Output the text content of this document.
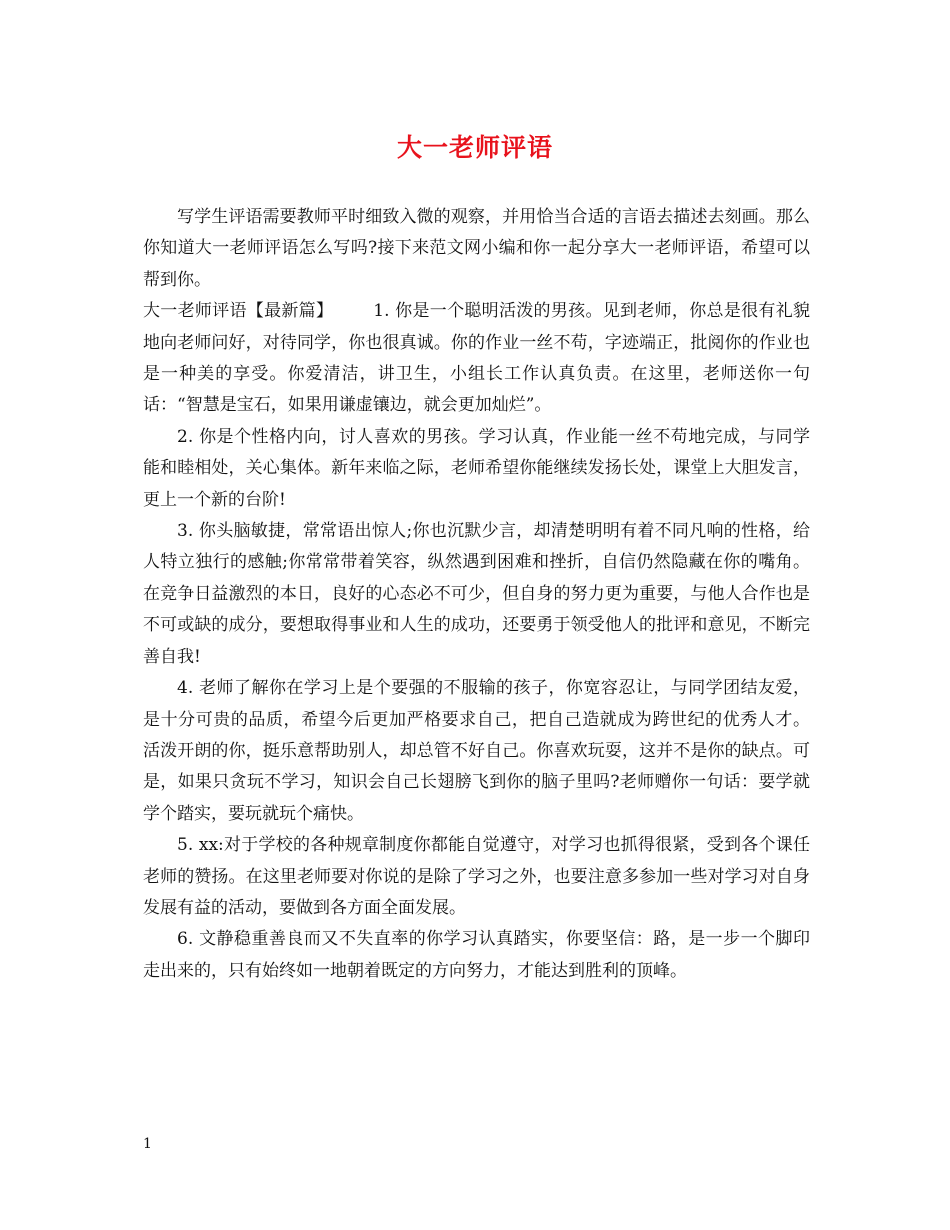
大一老师评语

写学生评语需要教师平时细致入微的观察，并用恰当合适的言语去描述去刻画。那么你知道大一老师评语怎么写吗?接下来范文网小编和你一起分享大一老师评语，希望可以帮到你。

大一老师评语【最新篇】 1. 你是一个聪明活泼的男孩。见到老师，你总是很有礼貌地向老师问好，对待同学，你也很真诚。你的作业一丝不苟，字迹端正，批阅你的作业也是一种美的享受。你爱清洁，讲卫生，小组长工作认真负责。在这里，老师送你一句话：“智慧是宝石，如果用谦虚镶边，就会更加灿烂”。

2. 你是个性格内向，讨人喜欢的男孩。学习认真，作业能一丝不苟地完成，与同学能和睦相处，关心集体。新年来临之际，老师希望你能继续发扬长处，课堂上大胆发言，更上一个新的台阶!

3. 你头脑敏捷，常常语出惊人;你也沉默少言，却清楚明明有着不同凡响的性格，给人特立独行的感触;你常常带着笑容，纵然遇到困难和挫折，自信仍然隐藏在你的嘴角。在竞争日益激烈的本日，良好的心态必不可少，但自身的努力更为重要，与他人合作也是不可或缺的成分，要想取得事业和人生的成功，还要勇于领受他人的批评和意见，不断完善自我!

4. 老师了解你在学习上是个要强的不服输的孩子，你宽容忍让，与同学团结友爱，是十分可贵的品质，希望今后更加严格要求自己，把自己造就成为跨世纪的优秀人才。 活泼开朗的你，挺乐意帮助别人，却总管不好自己。你喜欢玩耍，这并不是你的缺点。可是，如果只贪玩不学习，知识会自己长翅膀飞到你的脑子里吗?老师赠你一句话：要学就学个踏实，要玩就玩个痛快。

5. xx:对于学校的各种规章制度你都能自觉遵守，对学习也抓得很紧，受到各个课任老师的赞扬。在这里老师要对你说的是除了学习之外，也要注意多参加一些对学习对自身发展有益的活动，要做到各方面全面发展。

6. 文静稳重善良而又不失直率的你学习认真踏实，你要坚信：路，是一步一个脚印走出来的，只有始终如一地朝着既定的方向努力，才能达到胜利的顶峰。

1
